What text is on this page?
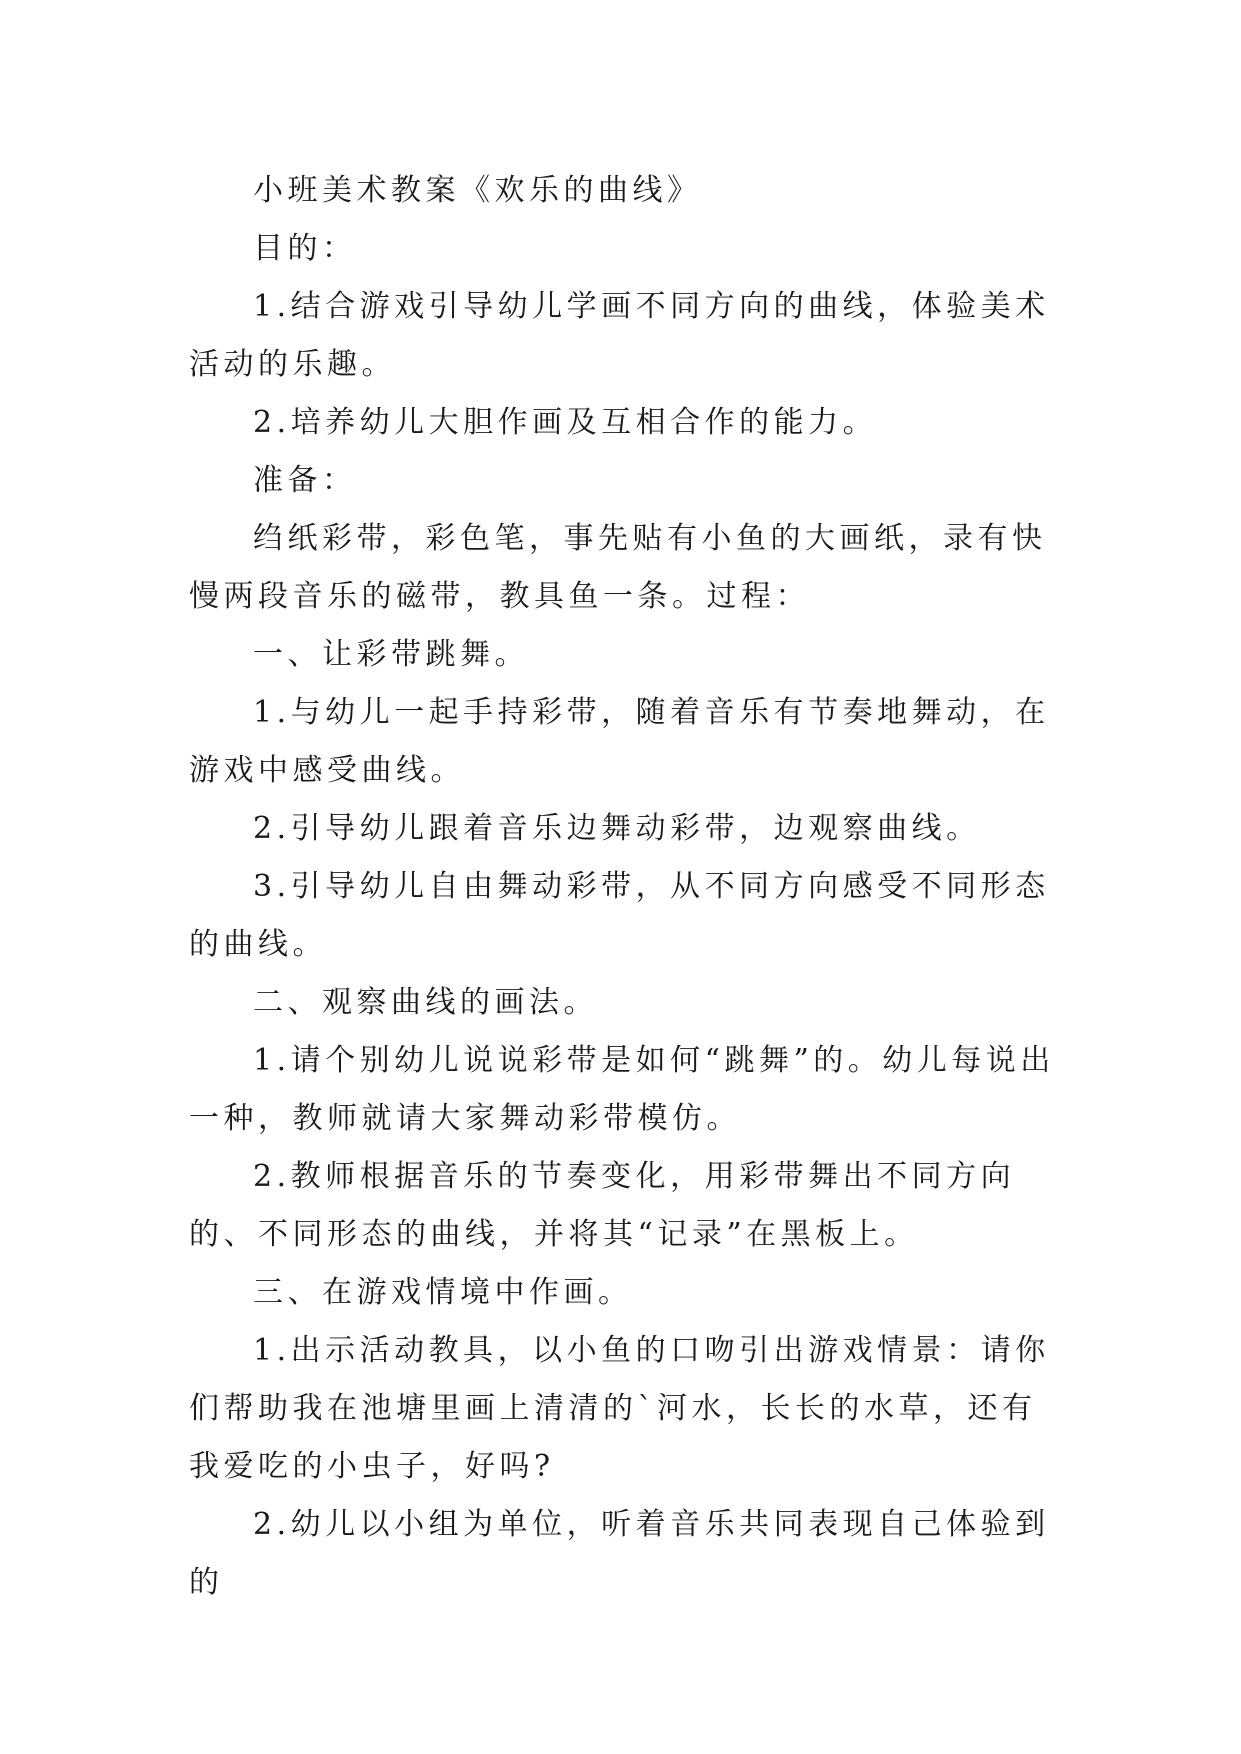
小班美术教案《欢乐的曲线》

目的：

1.结合游戏引导幼儿学画不同方向的曲线，体验美术活动的乐趣。

2.培养幼儿大胆作画及互相合作的能力。

准备：

绉纸彩带，彩色笔，事先贴有小鱼的大画纸，录有快慢两段音乐的磁带，教具鱼一条。过程：

一、让彩带跳舞。

1.与幼儿一起手持彩带，随着音乐有节奏地舞动，在游戏中感受曲线。

2.引导幼儿跟着音乐边舞动彩带，边观察曲线。

3.引导幼儿自由舞动彩带，从不同方向感受不同形态的曲线。

二、观察曲线的画法。

1.请个别幼儿说说彩带是如何“跳舞”的。幼儿每说出一种，教师就请大家舞动彩带模仿。

2.教师根据音乐的节奏变化，用彩带舞出不同方向的、不同形态的曲线，并将其“记录”在黑板上。

三、在游戏情境中作画。

1.出示活动教具，以小鱼的口吻引出游戏情景：请你们帮助我在池塘里画上清清的`河水，长长的水草，还有我爱吃的小虫子，好吗?

2.幼儿以小组为单位，听着音乐共同表现自己体验到的
